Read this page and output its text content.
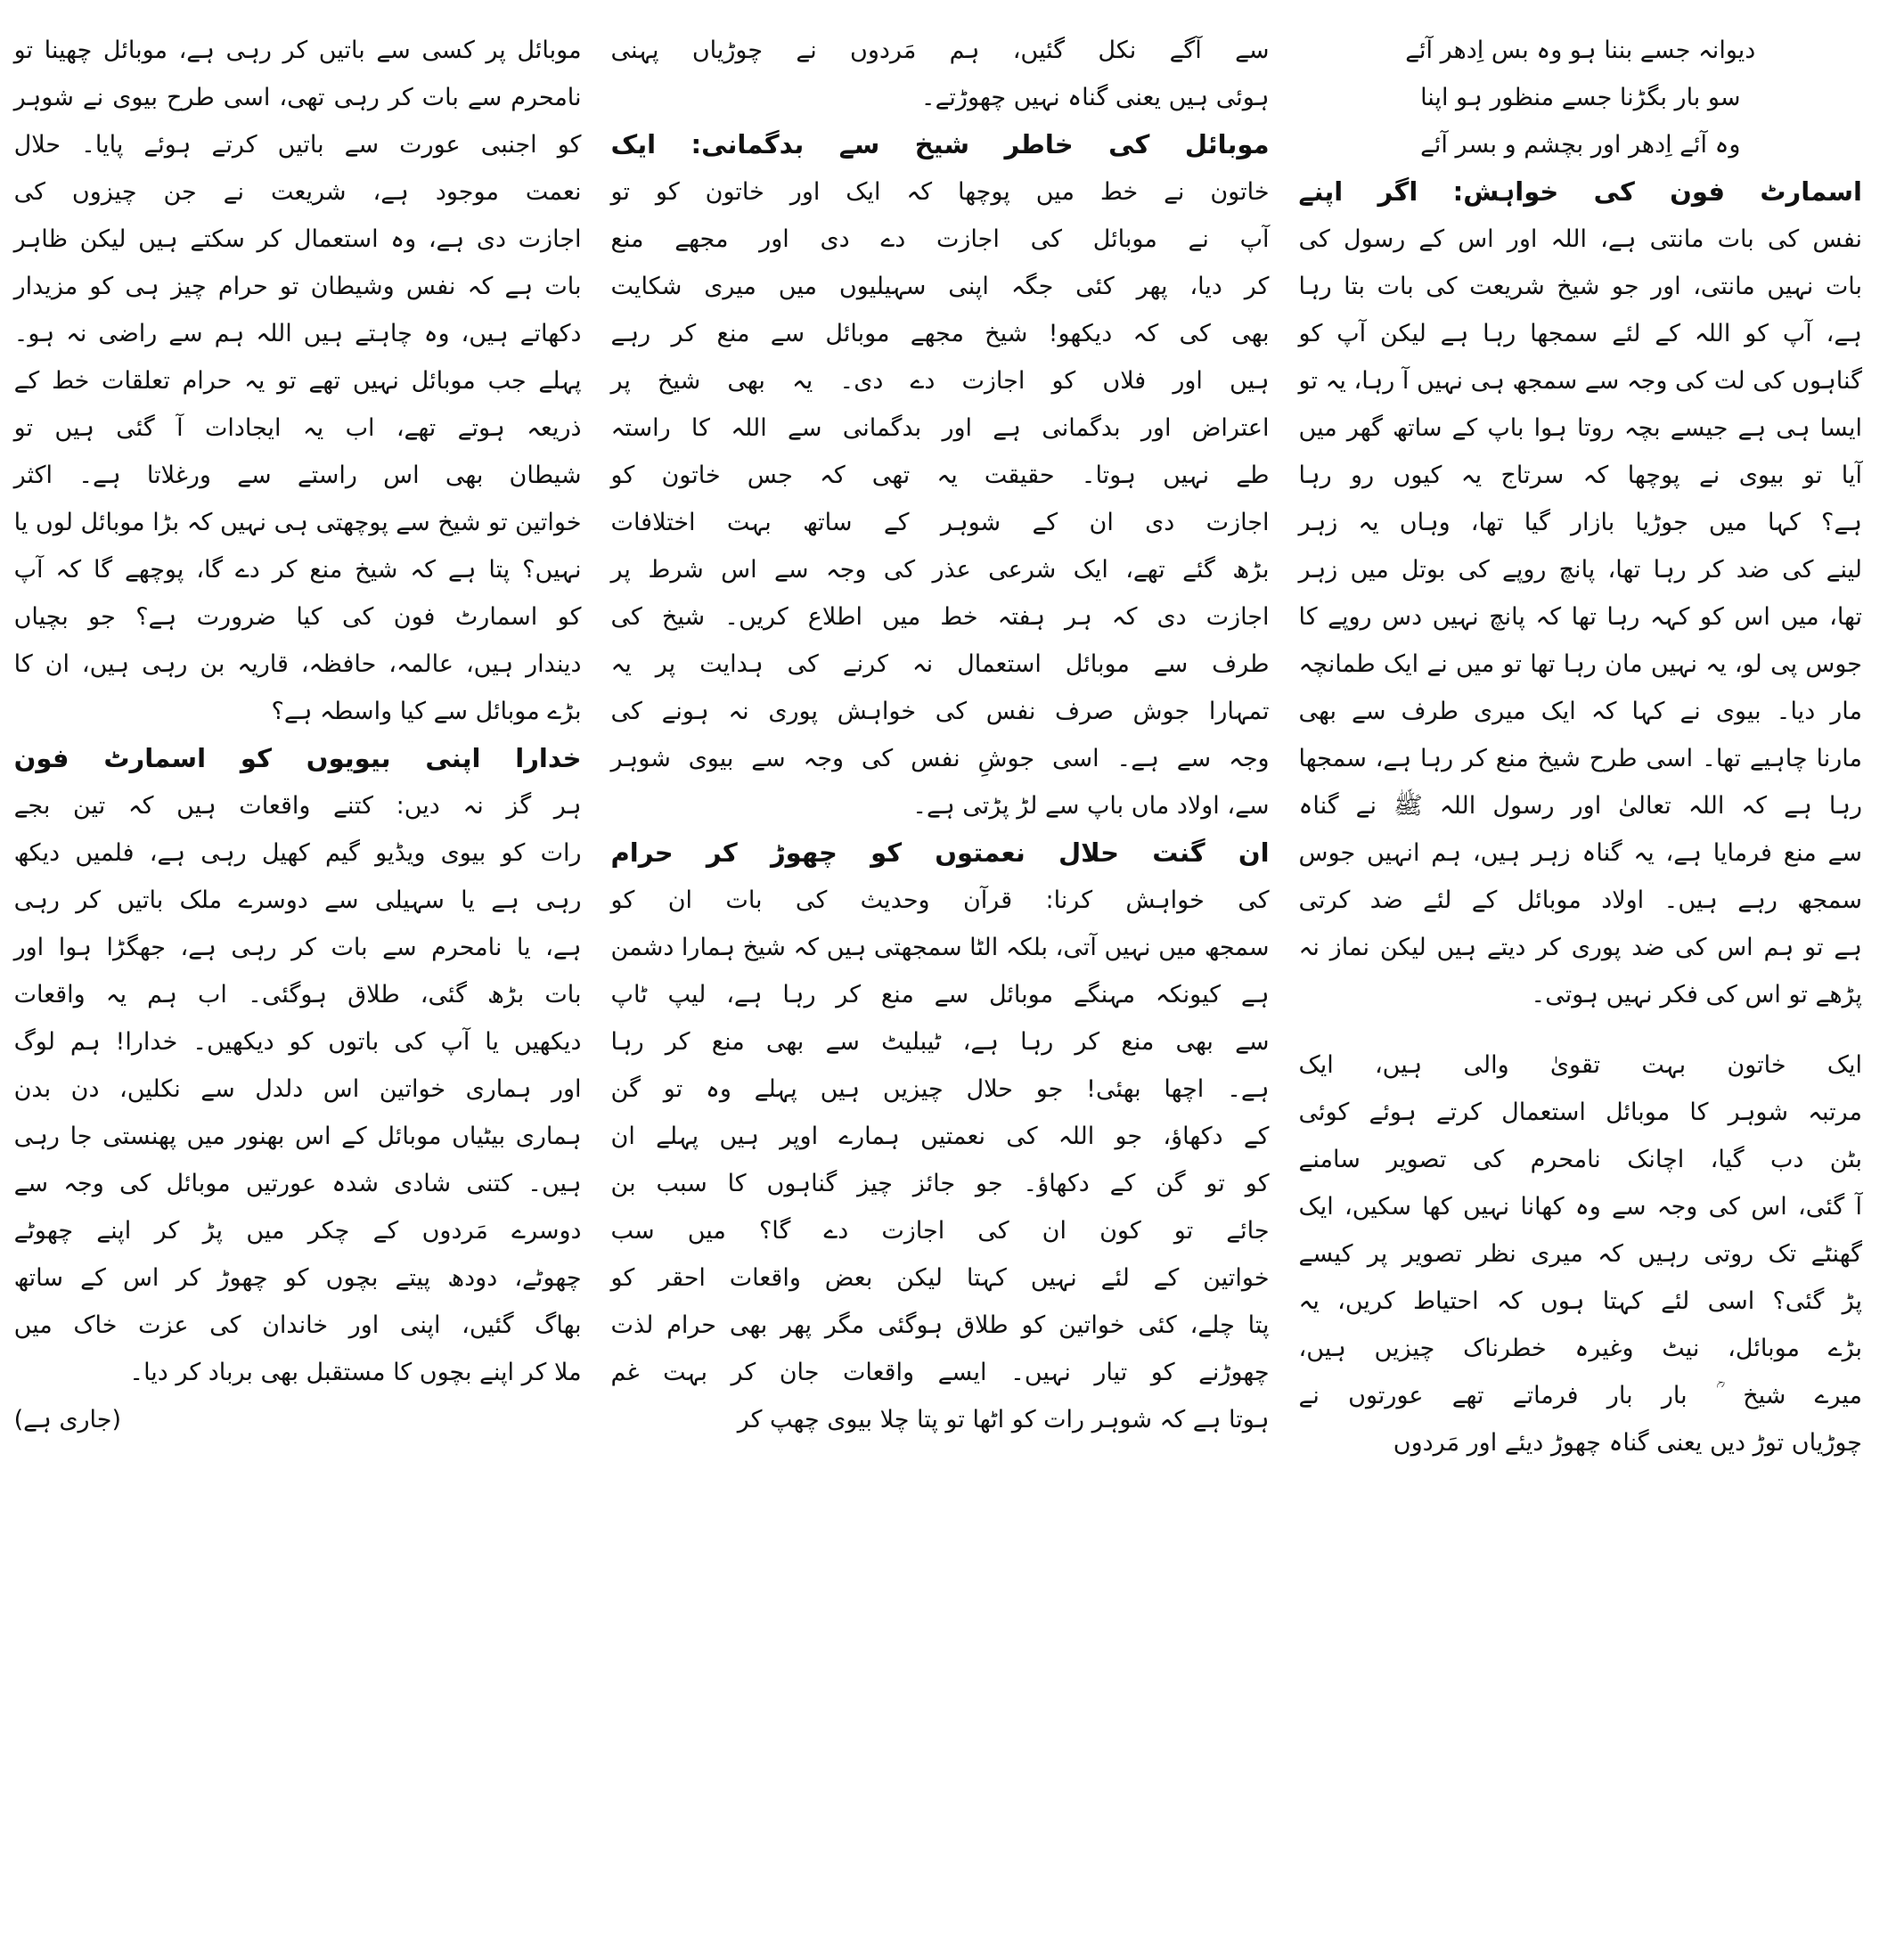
دیوانہ جسے بننا ہو وہ بس اِدھر آئے
سو بار بگڑنا جسے منظور ہو اپنا
وہ آئے اِدھر اور بچشم و بسر آئے
اسمارٹ فون کی خواہش: اگر اپنے
نفس کی بات مانتی ہے، اللہ اور اس کے رسول کی
بات نہیں مانتی، اور جو شیخ شریعت کی بات بتا رہا
ہے، آپ کو اللہ کے لئے سمجھا رہا ہے لیکن آپ کو
گناہوں کی لت کی وجہ سے سمجھ ہی نہیں آ رہا، یہ تو
ایسا ہی ہے جیسے بچہ روتا ہوا باپ کے ساتھ گھر میں
آیا تو بیوی نے پوچھا کہ سرتاج یہ کیوں رو رہا
ہے؟ کہا میں جوڑیا بازار گیا تھا، وہاں یہ زہر
لینے کی ضد کر رہا تھا، پانچ روپے کی بوتل میں زہر
تھا، میں اس کو کہہ رہا تھا کہ پانچ نہیں دس روپے کا
جوس پی لو، یہ نہیں مان رہا تھا تو میں نے ایک طمانچہ
مار دیا۔ بیوی نے کہا کہ ایک میری طرف سے بھی
مارنا چاہیے تھا۔ اسی طرح شیخ منع کر رہا ہے، سمجھا
رہا ہے کہ اللہ تعالیٰ اور رسول اللہ ﷺ نے گناہ
سے منع فرمایا ہے، یہ گناہ زہر ہیں، ہم انہیں جوس
سمجھ رہے ہیں۔ اولاد موبائل کے لئے ضد کرتی
ہے تو ہم اس کی ضد پوری کر دیتے ہیں لیکن نماز نہ
پڑھے تو اس کی فکر نہیں ہوتی۔
ایک خاتون بہت تقویٰ والی ہیں، ایک
مرتبہ شوہر کا موبائل استعمال کرتے ہوئے کوئی
بٹن دب گیا، اچانک نامحرم کی تصویر سامنے
آ گئی، اس کی وجہ سے وہ کھانا نہیں کھا سکیں، ایک
گھنٹے تک روتی رہیں کہ میری نظر تصویر پر کیسے
پڑ گئی؟ اسی لئے کہتا ہوں کہ احتیاط کریں، یہ
بڑے موبائل، نیٹ وغیرہ خطرناک چیزیں ہیں،
میرے شیخ ؒ بار بار فرماتے تھے عورتوں نے
چوڑیاں توڑ دیں یعنی گناہ چھوڑ دیئے اور مَردوں
سے آگے نکل گئیں، ہم مَردوں نے چوڑیاں پہنی
ہوئی ہیں یعنی گناہ نہیں چھوڑتے۔
موبائل کی خاطر شیخ سے بدگمانی: ایک
خاتون نے خط میں پوچھا کہ ایک اور خاتون کو تو
آپ نے موبائل کی اجازت دے دی اور مجھے منع
کر دیا، پھر کئی جگہ اپنی سہیلیوں میں میری شکایت
بھی کی کہ دیکھو! شیخ مجھے موبائل سے منع کر رہے
ہیں اور فلاں کو اجازت دے دی۔ یہ بھی شیخ پر
اعتراض اور بدگمانی ہے اور بدگمانی سے اللہ کا راستہ
طے نہیں ہوتا۔ حقیقت یہ تھی کہ جس خاتون کو
اجازت دی ان کے شوہر کے ساتھ بہت اختلافات
بڑھ گئے تھے، ایک شرعی عذر کی وجہ سے اس شرط پر
اجازت دی کہ ہر ہفتہ خط میں اطلاع کریں۔ شیخ کی
طرف سے موبائل استعمال نہ کرنے کی ہدایت پر یہ
تمہارا جوش صرف نفس کی خواہش پوری نہ ہونے کی
وجہ سے ہے۔ اسی جوشِ نفس کی وجہ سے بیوی شوہر
سے، اولاد ماں باپ سے لڑ پڑتی ہے۔
ان گنت حلال نعمتوں کو چھوڑ کر حرام
کی خواہش کرنا: قرآن وحدیث کی بات ان کو
سمجھ میں نہیں آتی، بلکہ الٹا سمجھتی ہیں کہ شیخ ہمارا دشمن
ہے کیونکہ مہنگے موبائل سے منع کر رہا ہے، لیپ ٹاپ
سے بھی منع کر رہا ہے، ٹیبلیٹ سے بھی منع کر رہا
ہے۔ اچھا بھئی! جو حلال چیزیں ہیں پہلے وہ تو گن
کے دکھاؤ، جو اللہ کی نعمتیں ہمارے اوپر ہیں پہلے ان
کو تو گن کے دکھاؤ۔ جو جائز چیز گناہوں کا سبب بن
جائے تو کون ان کی اجازت دے گا؟ میں سب
خواتین کے لئے نہیں کہتا لیکن بعض واقعات احقر کو
پتا چلے، کئی خواتین کو طلاق ہوگئی مگر پھر بھی حرام لذت
چھوڑنے کو تیار نہیں۔ ایسے واقعات جان کر بہت غم
ہوتا ہے کہ شوہر رات کو اٹھا تو پتا چلا بیوی چھپ کر
موبائل پر کسی سے باتیں کر رہی ہے، موبائل چھینا تو
نامحرم سے بات کر رہی تھی، اسی طرح بیوی نے شوہر
کو اجنبی عورت سے باتیں کرتے ہوئے پایا۔ حلال
نعمت موجود ہے، شریعت نے جن چیزوں کی
اجازت دی ہے، وہ استعمال کر سکتے ہیں لیکن ظاہر
بات ہے کہ نفس وشیطان تو حرام چیز ہی کو مزیدار
دکھاتے ہیں، وہ چاہتے ہیں اللہ ہم سے راضی نہ ہو۔
پہلے جب موبائل نہیں تھے تو یہ حرام تعلقات خط کے
ذریعہ ہوتے تھے، اب یہ ایجادات آ گئی ہیں تو
شیطان بھی اس راستے سے ورغلاتا ہے۔ اکثر
خواتین تو شیخ سے پوچھتی ہی نہیں کہ بڑا موبائل لوں یا
نہیں؟ پتا ہے کہ شیخ منع کر دے گا، پوچھے گا کہ آپ
کو اسمارٹ فون کی کیا ضرورت ہے؟ جو بچیاں
دیندار ہیں، عالمہ، حافظہ، قاریہ بن رہی ہیں، ان کا
بڑے موبائل سے کیا واسطہ ہے؟
خدارا اپنی بیویوں کو اسمارٹ فون
ہر گز نہ دیں: کتنے واقعات ہیں کہ تین بجے
رات کو بیوی ویڈیو گیم کھیل رہی ہے، فلمیں دیکھ
رہی ہے یا سہیلی سے دوسرے ملک باتیں کر رہی
ہے، یا نامحرم سے بات کر رہی ہے، جھگڑا ہوا اور
بات بڑھ گئی، طلاق ہوگئی۔ اب ہم یہ واقعات
دیکھیں یا آپ کی باتوں کو دیکھیں۔ خدارا! ہم لوگ
اور ہماری خواتین اس دلدل سے نکلیں، دن بدن
ہماری بیٹیاں موبائل کے اس بھنور میں پھنستی جا رہی
ہیں۔ کتنی شادی شدہ عورتیں موبائل کی وجہ سے
دوسرے مَردوں کے چکر میں پڑ کر اپنے چھوٹے
چھوٹے، دودھ پیتے بچوں کو چھوڑ کر اس کے ساتھ
بھاگ گئیں، اپنی اور خاندان کی عزت خاک میں
ملا کر اپنے بچوں کا مستقبل بھی برباد کر دیا۔
(جاری ہے)
